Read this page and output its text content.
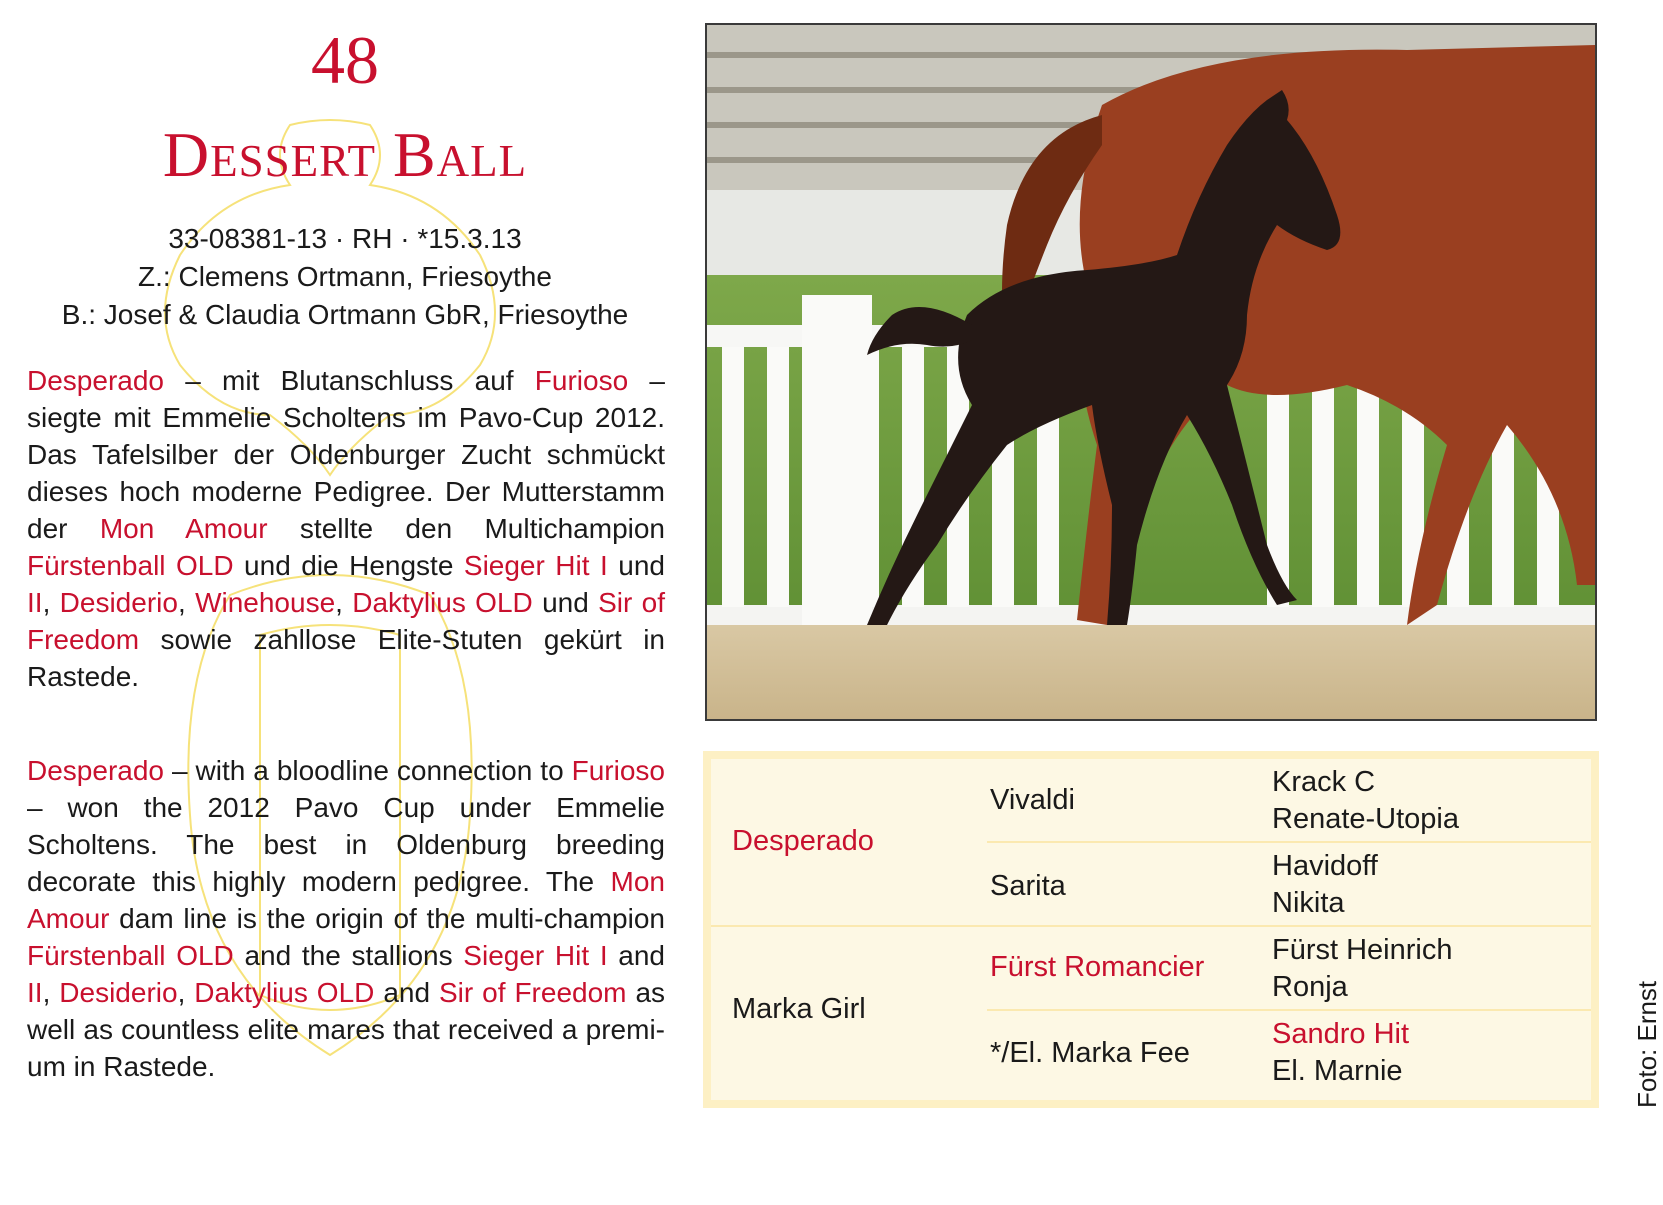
48
Dessert Ball
33-08381-13 · RH · *15.3.13
Z.: Clemens Ortmann, Friesoythe
B.: Josef & Claudia Ortmann GbR, Friesoythe
Desperado – mit Blutanschluss auf Furioso – siegte mit Emmelie Scholtens im Pavo-Cup 2012. Das Tafelsilber der Oldenburger Zucht schmückt dieses hoch moderne Pedigree. Der Mutterstamm der Mon Amour stellte den Multichampion Fürstenball OLD und die Hengste Sieger Hit I und II, Desiderio, Winehouse, Daktylius OLD und Sir of Freedom sowie zahllose Elite-Stuten gekürt in Rastede.
Desperado – with a bloodline connection to Furioso – won the 2012 Pavo Cup under Emmelie Scholtens. The best in Oldenburg breeding decorate this highly modern pedigree. The Mon Amour dam line is the origin of the multi-champion Fürstenball OLD and the stallions Sieger Hit I and II, Desiderio, Daktylius OLD and Sir of Freedom as well as countless elite mares that received a premium in Rastede.
Desperado
Marka Girl
Vivaldi
Sarita
Fürst Romancier
*/El. Marka Fee
Krack C
Renate-Utopia
Havidoff
Nikita
Fürst Heinrich
Ronja
Sandro Hit
El. Marnie	Foto: Ernst
